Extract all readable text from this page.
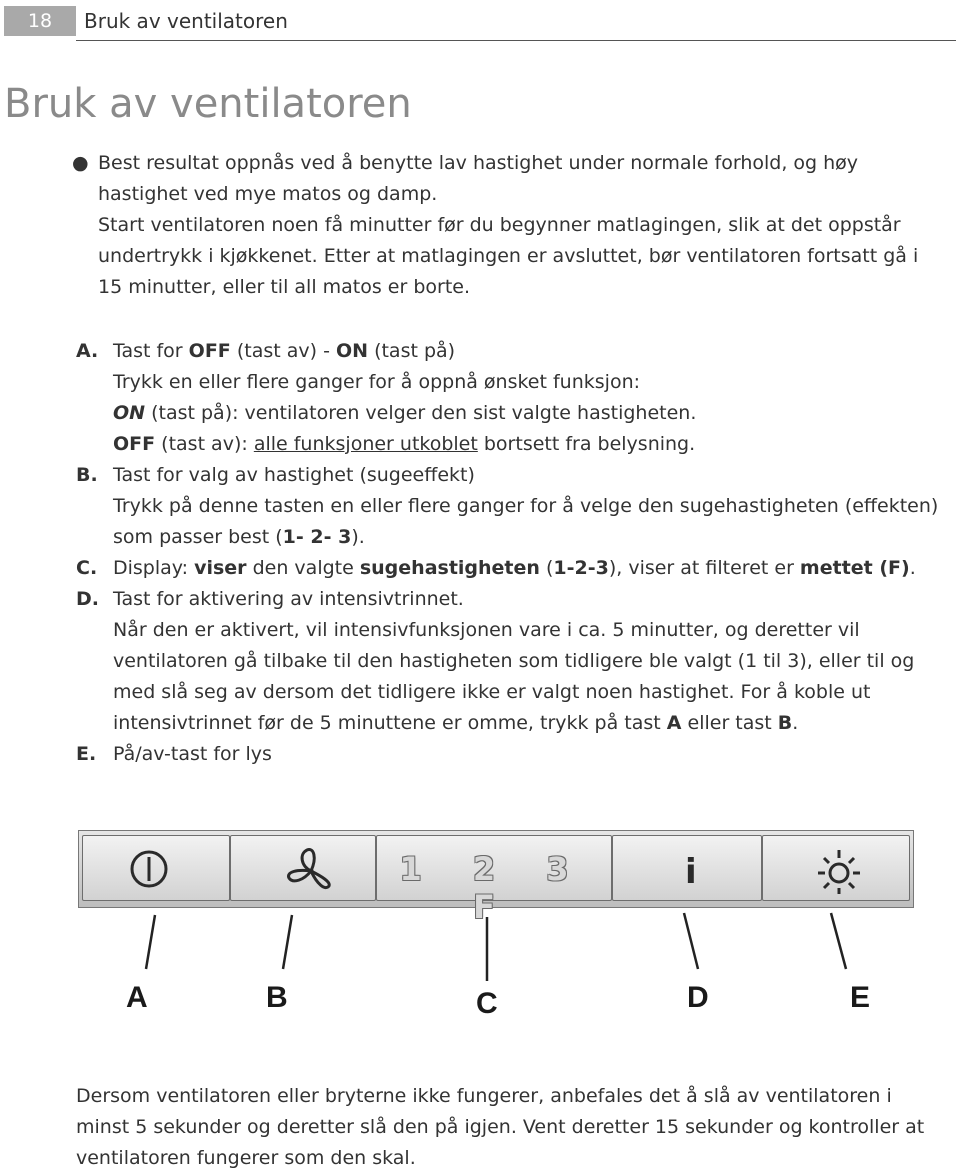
18	Bruk av ventilatoren
Bruk av ventilatoren
● Best resultat oppnås ved å benytte lav hastighet under normale forhold, og høy

hastighet ved mye matos og damp.

Start ventilatoren noen få minutter før du begynner matlagingen, slik at det oppstår

undertrykk i kjøkkenet. Etter at matlagingen er avsluttet, bør ventilatoren fortsatt gå i

15 minutter, eller til all matos er borte.

A. Tast for OFF (tast av) - ON (tast på)
Trykk en eller flere ganger for å oppnå ønsket funksjon:
ON (tast på): ventilatoren velger den sist valgte hastigheten.
OFF (tast av): alle funksjoner utkoblet bortsett fra belysning.
B. Tast for valg av hastighet (sugeeffekt)
Trykk på denne tasten en eller flere ganger for å velge den sugehastigheten (effekten)
som passer best (1- 2- 3).
C. Display: viser den valgte sugehastigheten (1-2-3), viser at filteret er mettet (F).
D. Tast for aktivering av intensivtrinnet.
Når den er aktivert, vil intensivfunksjonen vare i ca. 5 minutter, og deretter vil
ventilatoren gå tilbake til den hastigheten som tidligere ble valgt (1 til 3), eller til og
med slå seg av dersom det tidligere ikke er valgt noen hastighet. For å koble ut
intensivtrinnet før de 5 minuttene er omme, trykk på tast A eller tast B.
E. På/av-tast for lys
1 2 3 F
i
A	B	C	D	E

Dersom ventilatoren eller bryterne ikke fungerer, anbefales det å slå av ventilatoren i

minst 5 sekunder og deretter slå den på igjen. Vent deretter 15 sekunder og kontroller at

ventilatoren fungerer som den skal.
